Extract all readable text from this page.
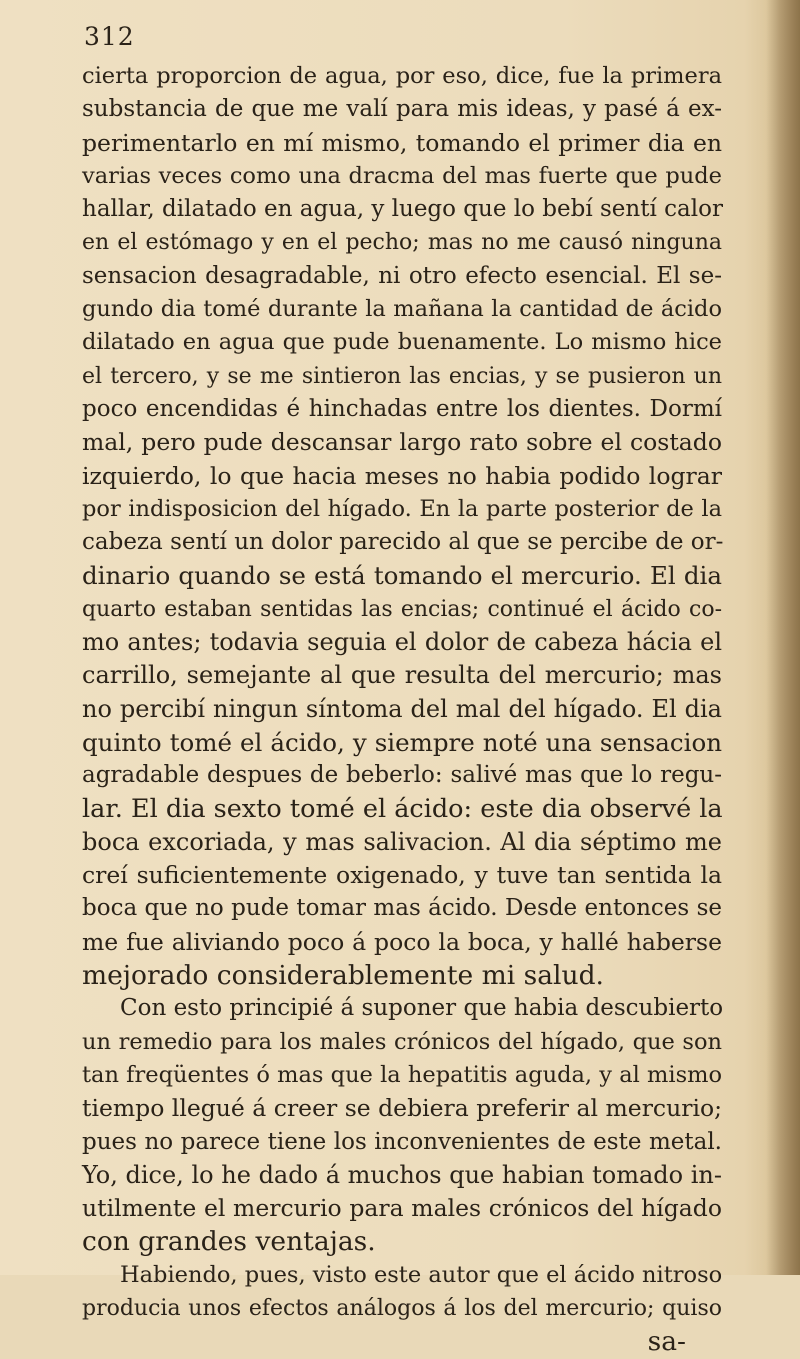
312
cierta proporcion de agua, por eso, dice, fue la primera
substancia de que me valí para mis ideas, y pasé á ex-
perimentarlo en mí mismo, tomando el primer dia en
varias veces como una dracma del mas fuerte que pude
hallar, dilatado en agua, y luego que lo bebí sentí calor
en el estómago y en el pecho; mas no me causó ninguna
sensacion desagradable, ni otro efecto esencial. El se-
gundo dia tomé durante la mañana la cantidad de ácido
dilatado en agua que pude buenamente. Lo mismo hice
el tercero, y se me sintieron las encias, y se pusieron un
poco encendidas é hinchadas entre los dientes. Dormí
mal, pero pude descansar largo rato sobre el costado
izquierdo, lo que hacia meses no habia podido lograr
por indisposicion del hígado. En la parte posterior de la
cabeza sentí un dolor parecido al que se percibe de or-
dinario quando se está tomando el mercurio. El dia
quarto estaban sentidas las encias; continué el ácido co-
mo antes; todavia seguia el dolor de cabeza hácia el
carrillo, semejante al que resulta del mercurio; mas
no percibí ningun síntoma del mal del hígado. El dia
quinto tomé el ácido, y siempre noté una sensacion
agradable despues de beberlo: salivé mas que lo regu-
lar. El dia sexto tomé el ácido: este dia observé la
boca excoriada, y mas salivacion. Al dia séptimo me
creí suficientemente oxigenado, y tuve tan sentida la
boca que no pude tomar mas ácido. Desde entonces se
me fue aliviando poco á poco la boca, y hallé haberse
mejorado considerablemente mi salud.
Con esto principié á suponer que habia descubierto
un remedio para los males crónicos del hígado, que son
tan freqüentes ó mas que la hepatitis aguda, y al mismo
tiempo llegué á creer se debiera preferir al mercurio;
pues no parece tiene los inconvenientes de este metal.
Yo, dice, lo he dado á muchos que habian tomado in-
utilmente el mercurio para males crónicos del hígado
con grandes ventajas.
Habiendo, pues, visto este autor que el ácido nitroso
producia unos efectos análogos á los del mercurio; quiso
sa-
